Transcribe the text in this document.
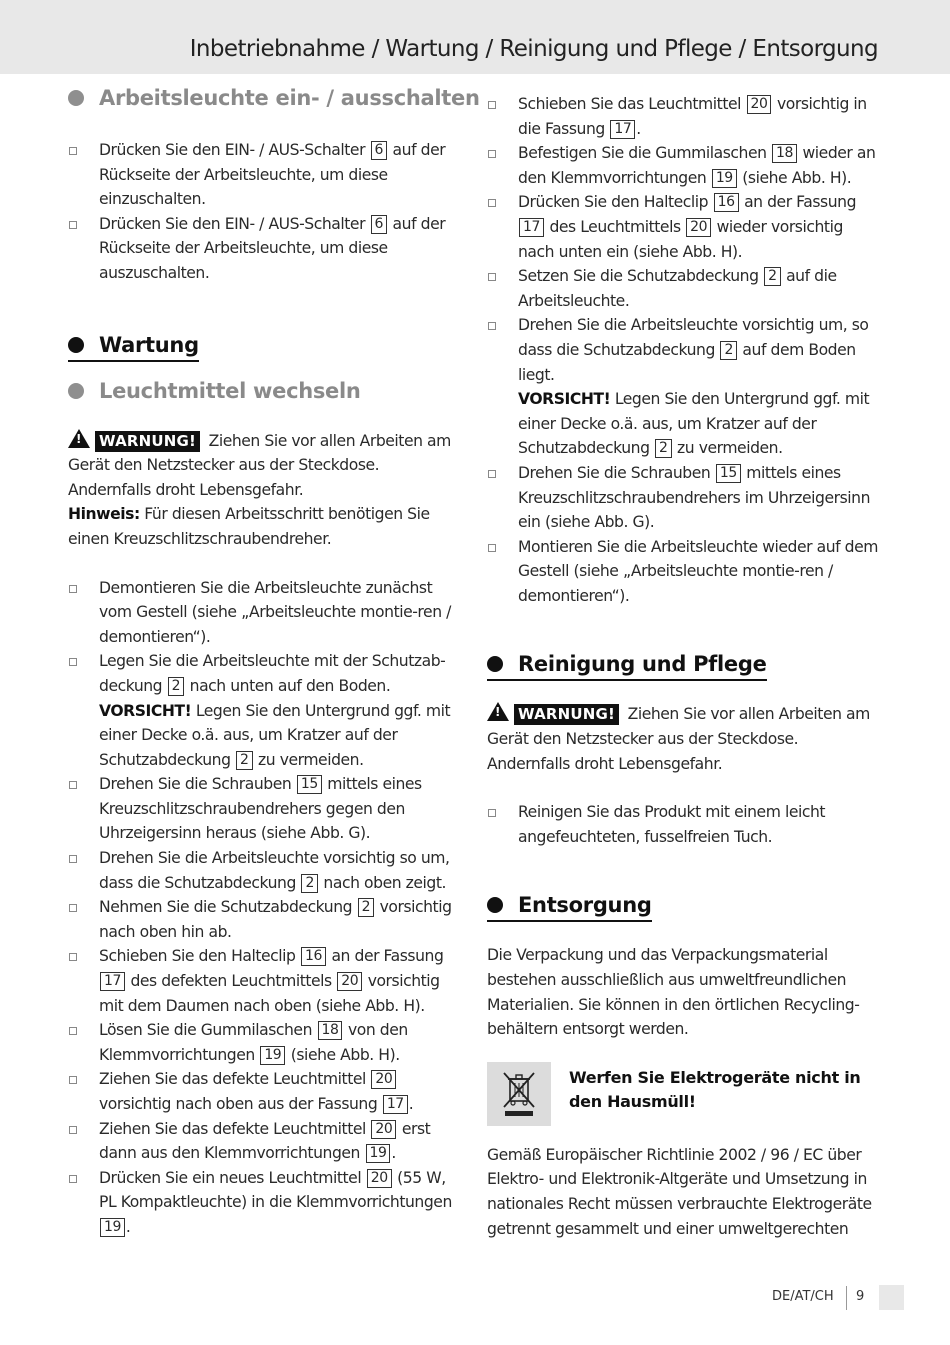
Inbetriebnahme / Wartung / Reinigung und Pflege / Entsorgung
Arbeitsleuchte ein- / ausschalten
Drücken Sie den EIN- / AUS-Schalter 6 auf der Rückseite der Arbeitsleuchte, um diese einzuschalten.
Drücken Sie den EIN- / AUS-Schalter 6 auf der Rückseite der Arbeitsleuchte, um diese auszuschalten.
Wartung
Leuchtmittel wechseln
!WARNUNG! Ziehen Sie vor allen Arbeiten am Gerät den Netzstecker aus der Steckdose. Andernfalls droht Lebensgefahr.
Hinweis: Für diesen Arbeitsschritt benötigen Sie einen Kreuzschlitzschraubendreher.
Demontieren Sie die Arbeitsleuchte zunächst vom Gestell (siehe „Arbeitsleuchte montie-ren / demontieren“).
Legen Sie die Arbeitsleuchte mit der Schutzab-deckung 2 nach unten auf den Boden.
VORSICHT! Legen Sie den Untergrund ggf. mit einer Decke o.ä. aus, um Kratzer auf der Schutzabdeckung 2 zu vermeiden.
Drehen Sie die Schrauben 15 mittels eines Kreuzschlitzschraubendrehers gegen den Uhrzeigersinn heraus (siehe Abb. G).
Drehen Sie die Arbeitsleuchte vorsichtig so um, dass die Schutzabdeckung 2 nach oben zeigt.
Nehmen Sie die Schutzabdeckung 2 vorsichtig nach oben hin ab.
Schieben Sie den Halteclip 16 an der Fassung 17 des defekten Leuchtmittels 20 vorsichtig mit dem Daumen nach oben (siehe Abb. H).
Lösen Sie die Gummilaschen 18 von den Klemmvorrichtungen 19 (siehe Abb. H).
Ziehen Sie das defekte Leuchtmittel 20 vorsichtig nach oben aus der Fassung 17 .
Ziehen Sie das defekte Leuchtmittel 20 erst dann aus den Klemmvorrichtungen 19 .
Drücken Sie ein neues Leuchtmittel 20 (55 W, PL Kompaktleuchte) in die Klemmvorrichtungen 19 .
Schieben Sie das Leuchtmittel 20 vorsichtig in die Fassung 17 .
Befestigen Sie die Gummilaschen 18 wieder an den Klemmvorrichtungen 19 (siehe Abb. H).
Drücken Sie den Halteclip 16 an der Fassung 17 des Leuchtmittels 20 wieder vorsichtig nach unten ein (siehe Abb. H).
Setzen Sie die Schutzabdeckung 2 auf die Arbeitsleuchte.
Drehen Sie die Arbeitsleuchte vorsichtig um, so dass die Schutzabdeckung 2 auf dem Boden liegt.
VORSICHT! Legen Sie den Untergrund ggf. mit einer Decke o.ä. aus, um Kratzer auf der Schutzabdeckung 2 zu vermeiden.
Drehen Sie die Schrauben 15 mittels eines Kreuzschlitzschraubendrehers im Uhrzeigersinn ein (siehe Abb. G).
Montieren Sie die Arbeitsleuchte wieder auf dem Gestell (siehe „Arbeitsleuchte montie-ren / demontieren“).
Reinigung und Pflege
!WARNUNG! Ziehen Sie vor allen Arbeiten am Gerät den Netzstecker aus der Steckdose. Andernfalls droht Lebensgefahr.
Reinigen Sie das Produkt mit einem leicht angefeuchteten, fusselfreien Tuch.
Entsorgung
Die Verpackung und das Verpackungsmaterial bestehen ausschließlich aus umweltfreundlichen Materialien. Sie können in den örtlichen Recycling-behältern entsorgt werden.
Werfen Sie Elektrogeräte nicht in den Hausmüll!
Gemäß Europäischer Richtlinie 2002 / 96 / EC über Elektro- und Elektronik-Altgeräte und Umsetzung in nationales Recht müssen verbrauchte Elektrogeräte getrennt gesammelt und einer umweltgerechten
DE/AT/CH 9
